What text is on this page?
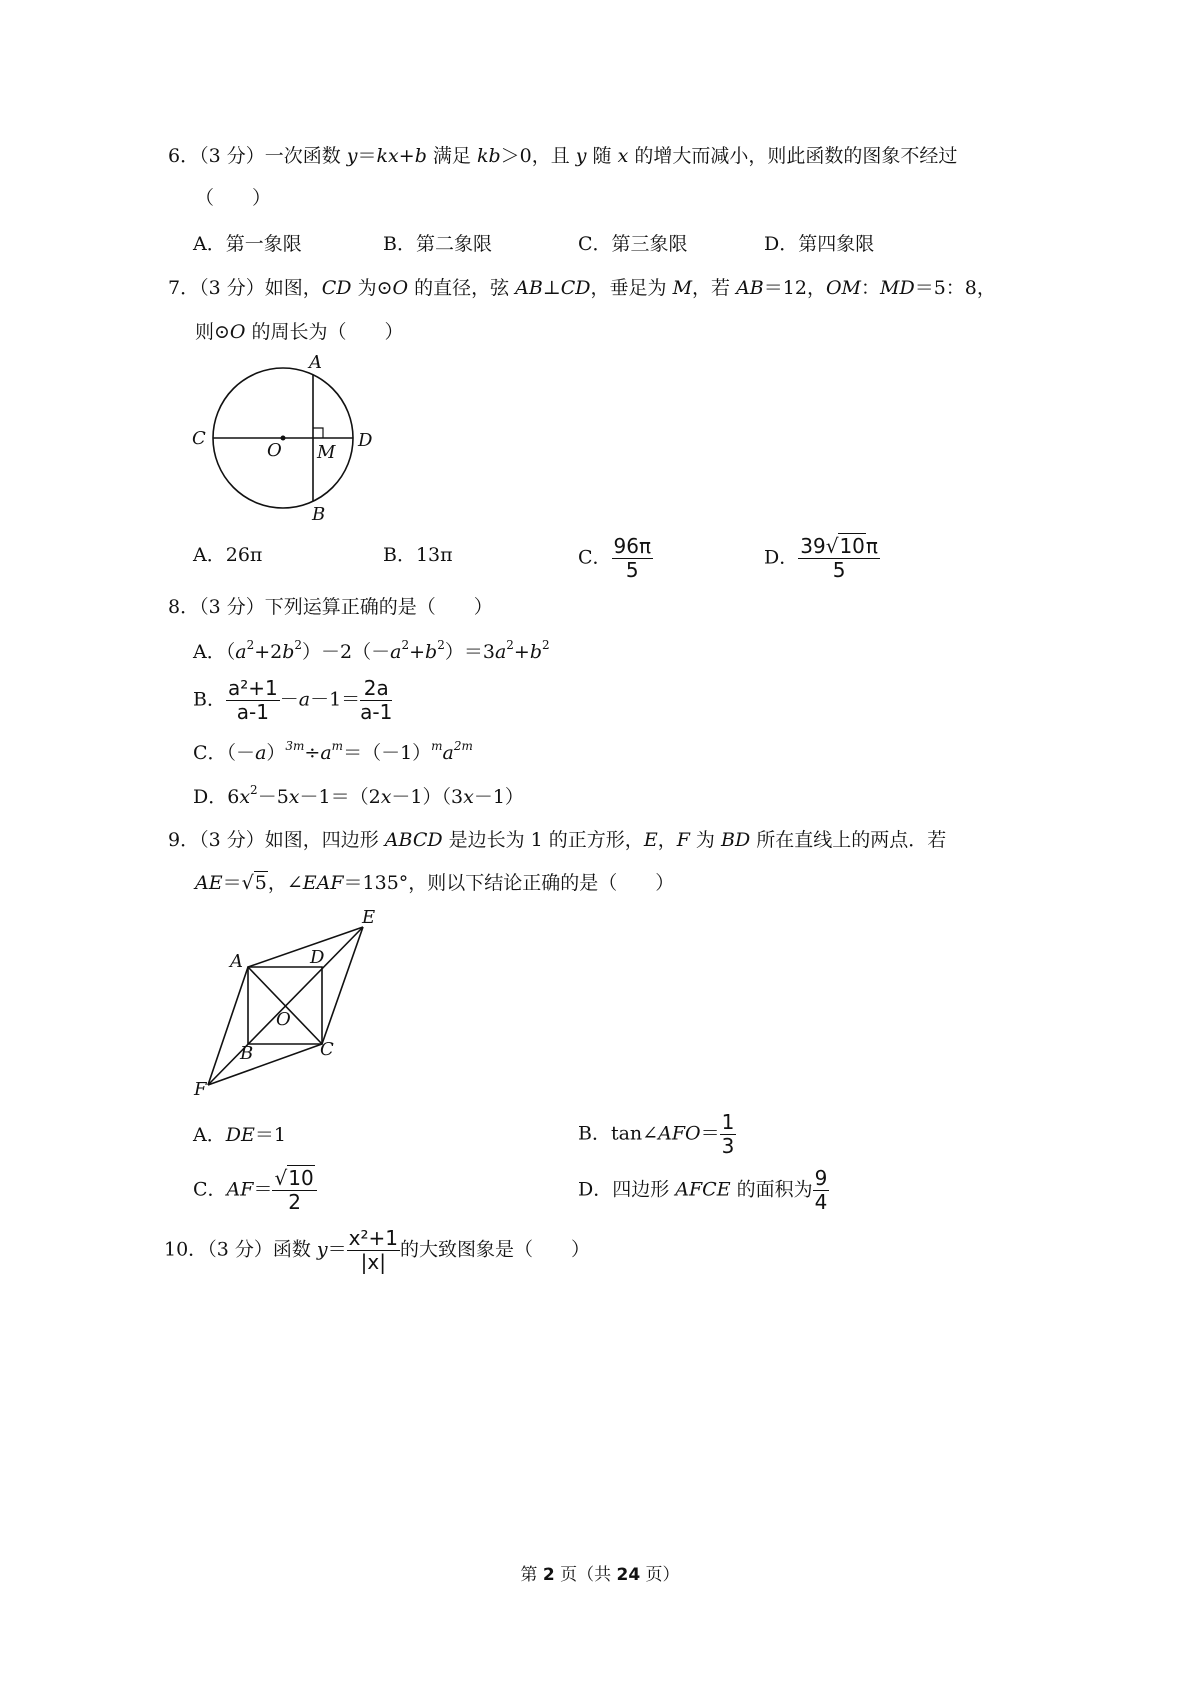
6．（3 分）一次函数 y＝kx+b 满足 kb＞0，且 y 随 x 的增大而减小，则此函数的图象不经过
（　　）
A．第一象限	B．第二象限	C．第三象限	D．第四象限
7．（3 分）如图，CD 为⊙O 的直径，弦 AB⊥CD，垂足为 M，若 AB＝12，OM：MD＝5：8，
则⊙O 的周长为（　　）
A
B
C	D
O M
A．26π	B．13π	C． $\frac{96\pi}{5}$	D． $\frac{39√10\pi}{5}$
8．（3 分）下列运算正确的是（　　）
A．$(a^2+2b^2)-2(-a^2+b^2)=3a^2+b^2$
B． $\frac{\text{a²+1}}{a-1} -a-1= \frac{2a}{a-1}$
C．$(-a)^{3m}\div a^m=(-1)^ma^{2m}$
D．$6x^2-5x-1=(2x-1)(3x-1)$
9．（3 分）如图，四边形 ABCD 是边长为 1 的正方形，E，F 为 BD 所在直线上的两点．若
AE＝√5，∠EAF＝135°，则以下结论正确的是（　　）
E
A	D
O
B	C
F
A．DE＝1	B．tan∠AFO＝ $\frac{1}{3}$
C．$AF= \frac{√10}{2}$	D．四边形 AFCE 的面积为 $\frac{9}{4}$
10．（3 分）函数 $y= \frac{\text{x²+1}}{|x|}$ 的大致图象是（　　）
第 2 页（共 24 页）
